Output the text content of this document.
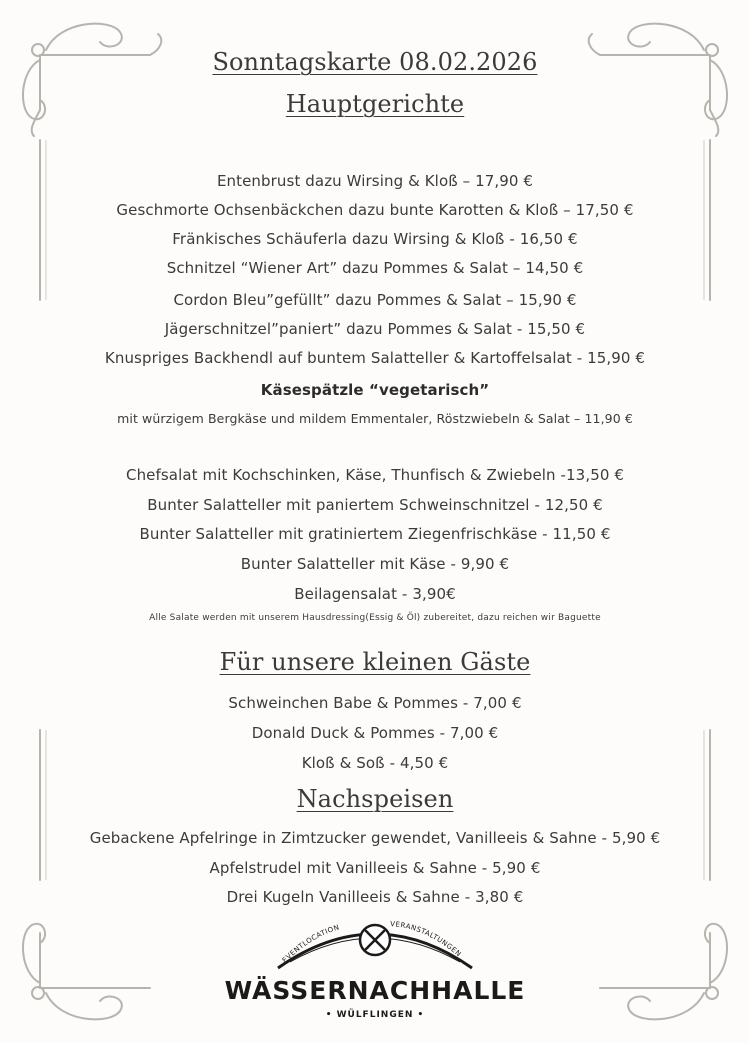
Sonntagskarte 08.02.2026
Hauptgerichte
Entenbrust dazu Wirsing & Kloß – 17,90 €
Geschmorte Ochsenbäckchen dazu bunte Karotten & Kloß – 17,50 €
Fränkisches Schäuferla dazu Wirsing & Kloß - 16,50 €
Schnitzel “Wiener Art” dazu Pommes & Salat – 14,50 €
Cordon Bleu”gefüllt” dazu Pommes & Salat – 15,90 €
Jägerschnitzel”paniert” dazu Pommes & Salat - 15,50 €
Knuspriges Backhendl auf buntem Salatteller & Kartoffelsalat - 15,90 €
Käsespätzle “vegetarisch”
mit würzigem Bergkäse und mildem Emmentaler, Röstzwiebeln & Salat – 11,90 €
Chefsalat mit Kochschinken, Käse, Thunfisch & Zwiebeln -13,50 €
Bunter Salatteller mit paniertem Schweinschnitzel - 12,50 €
Bunter Salatteller mit gratiniertem Ziegenfrischkäse - 11,50 €
Bunter Salatteller mit Käse - 9,90 €
Beilagensalat - 3,90€
Alle Salate werden mit unserem Hausdressing(Essig & Öl) zubereitet, dazu reichen wir Baguette
Für unsere kleinen Gäste
Schweinchen Babe & Pommes - 7,00 €
Donald Duck & Pommes - 7,00 €
Kloß & Soß - 4,50 €
Nachspeisen
Gebackene Apfelringe in Zimtzucker gewendet, Vanilleeis & Sahne - 5,90 €
Apfelstrudel mit Vanilleeis & Sahne - 5,90 €
Drei Kugeln Vanilleeis & Sahne - 3,80 €
EVENTLOCATION	VERANSTALTUNGEN
WÄSSERNACHHALLE
• WÜLFLINGEN •
